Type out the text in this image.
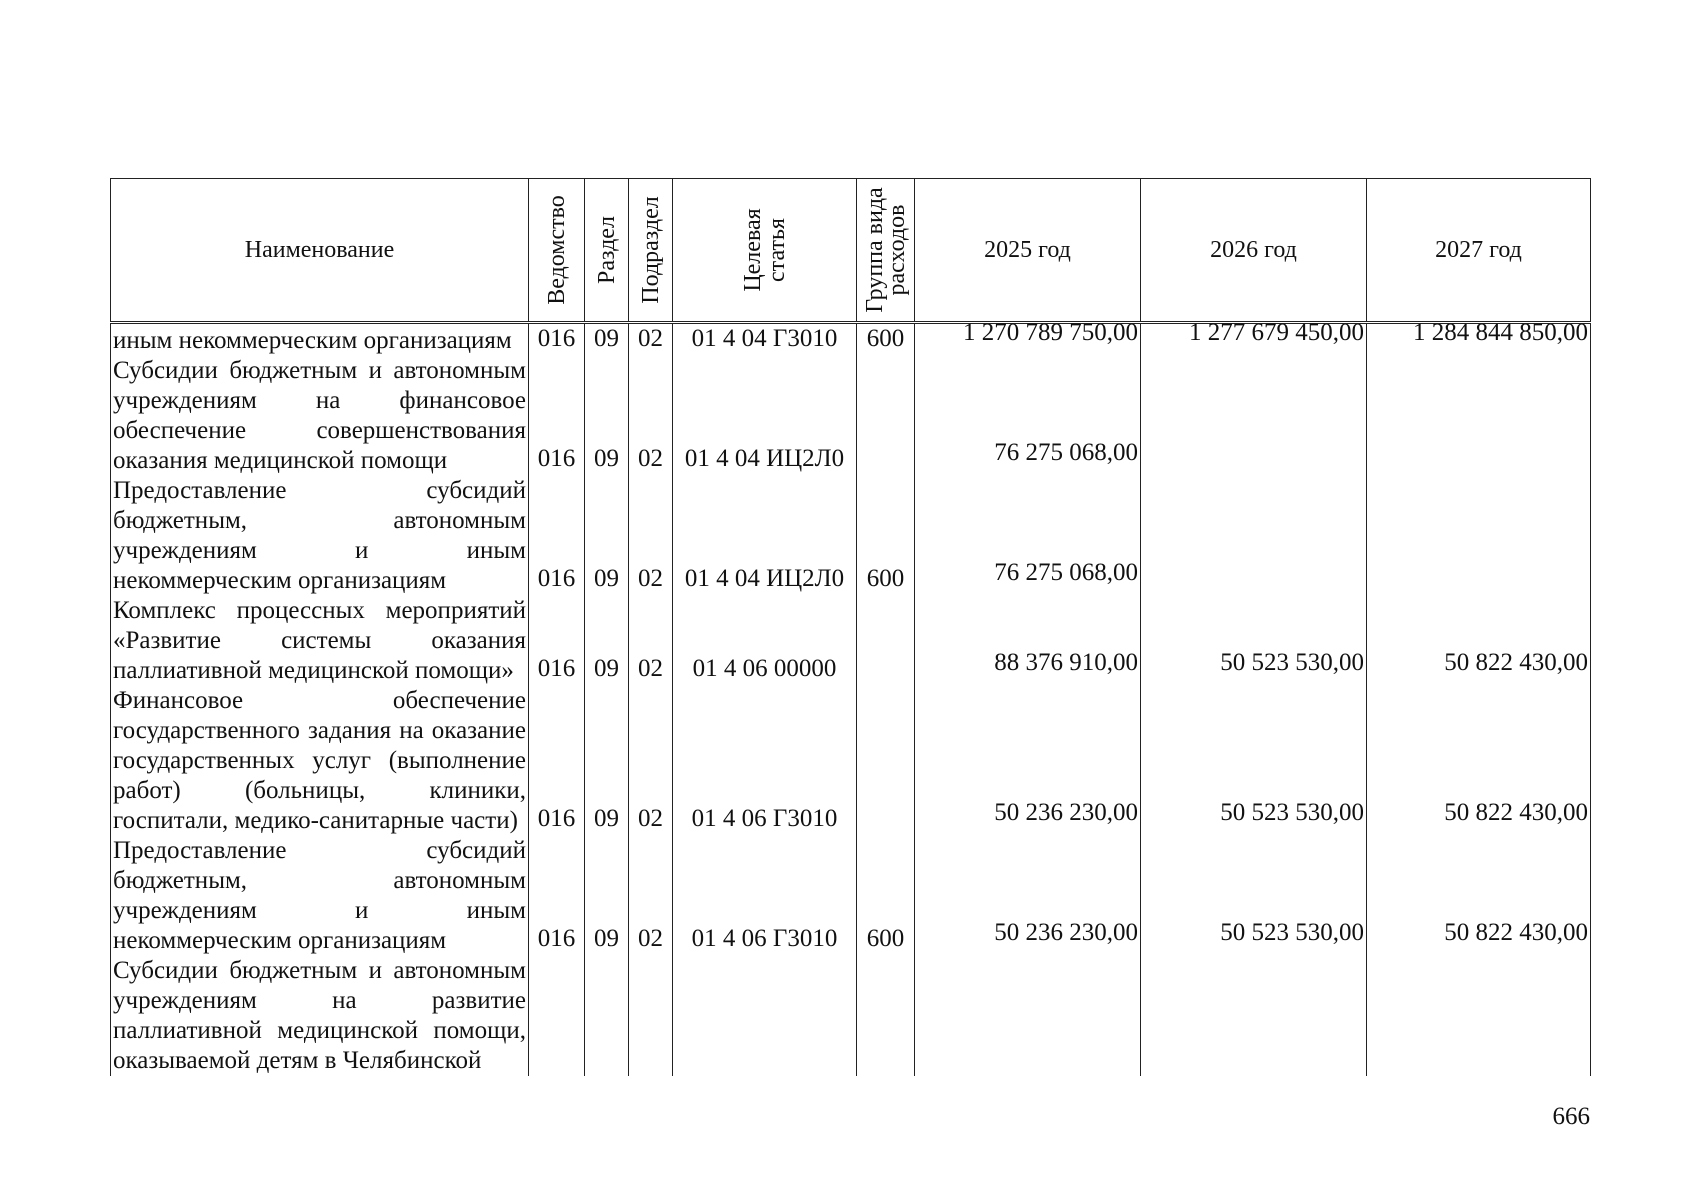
Наименование	Ведомство	Раздел	Подраздел	Целевая статья	Группа вида расходов	2025 год	2026 год	2027 год
иным некоммерческим организациям	016	09	02	01 4 04 Г3010	600	1 270 789 750,00	1 277 679 450,00	1 284 844 850,00
Субсидии бюджетным и автономным учреждениям на финансовое обеспечение совершенствования оказания медицинской помощи	016	09	02	01 4 04 ИЦ2Л0		76 275 068,00		
Предоставление субсидий бюджетным, автономным учреждениям и иным некоммерческим организациям	016	09	02	01 4 04 ИЦ2Л0	600	76 275 068,00		
Комплекс процессных мероприятий «Развитие системы оказания паллиативной медицинской помощи»	016	09	02	01 4 06 00000		88 376 910,00	50 523 530,00	50 822 430,00
Финансовое обеспечение государственного задания на оказание государственных услуг (выполнение работ) (больницы, клиники, госпитали, медико-санитарные части)	016	09	02	01 4 06 Г3010		50 236 230,00	50 523 530,00	50 822 430,00
Предоставление субсидий бюджетным, автономным учреждениям и иным некоммерческим организациям	016	09	02	01 4 06 Г3010	600	50 236 230,00	50 523 530,00	50 822 430,00
Субсидии бюджетным и автономным учреждениям на развитие паллиативной медицинской помощи, оказываемой детям в Челябинской								
666
